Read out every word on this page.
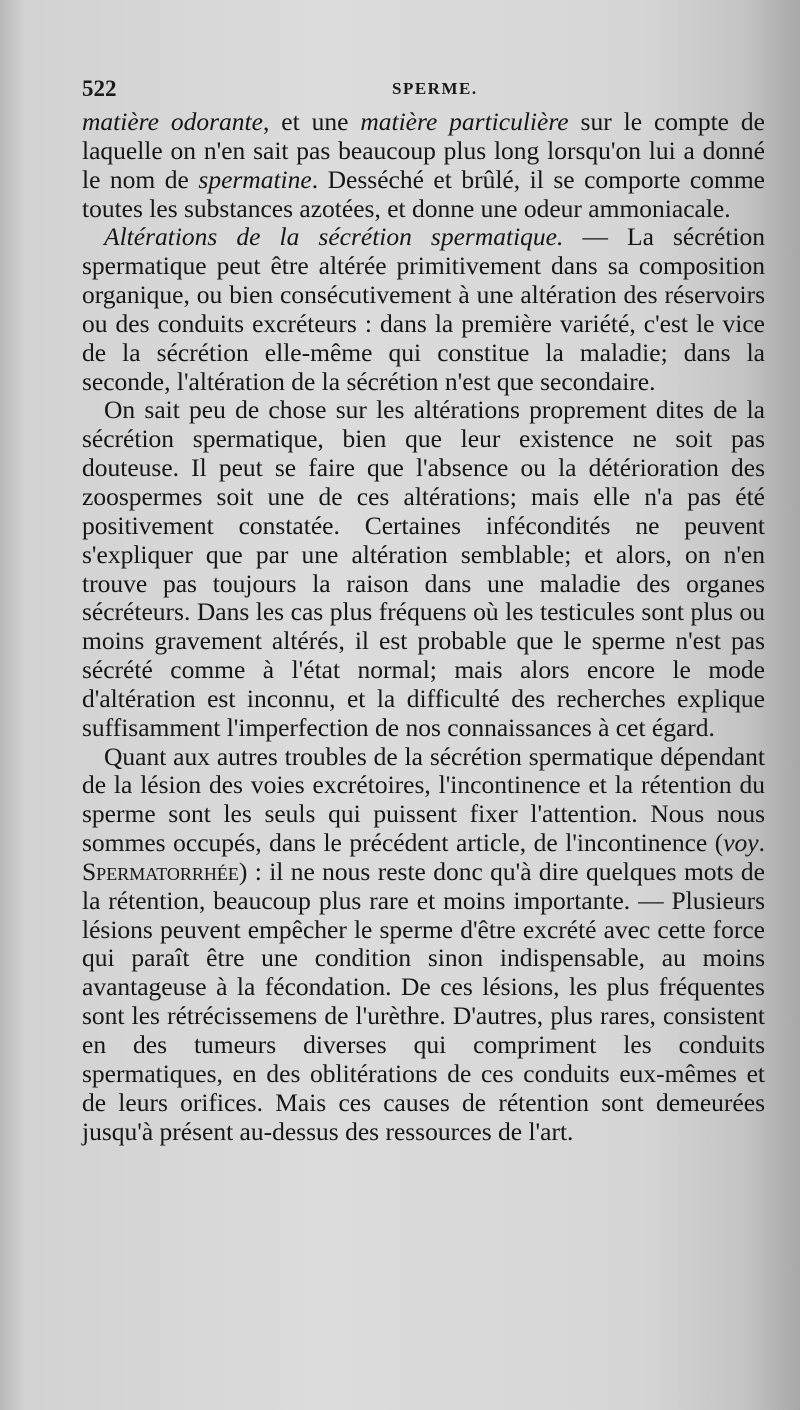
522	SPERME.

matière odorante, et une matière particulière sur le compte de laquelle on n'en sait pas beaucoup plus long lorsqu'on lui a donné le nom de spermatine. Desséché et brûlé, il se comporte comme toutes les substances azotées, et donne une odeur ammoniacale.

Altérations de la sécrétion spermatique. — La sécrétion spermatique peut être altérée primitivement dans sa composition organique, ou bien consécutivement à une altération des réservoirs ou des conduits excréteurs : dans la première variété, c'est le vice de la sécrétion elle-même qui constitue la maladie; dans la seconde, l'altération de la sécrétion n'est que secondaire.

On sait peu de chose sur les altérations proprement dites de la sécrétion spermatique, bien que leur existence ne soit pas douteuse. Il peut se faire que l'absence ou la détérioration des zoospermes soit une de ces altérations; mais elle n'a pas été positivement constatée. Certaines infécondités ne peuvent s'expliquer que par une altération semblable; et alors, on n'en trouve pas toujours la raison dans une maladie des organes sécréteurs. Dans les cas plus fréquens où les testicules sont plus ou moins gravement altérés, il est probable que le sperme n'est pas sécrété comme à l'état normal; mais alors encore le mode d'altération est inconnu, et la difficulté des recherches explique suffisamment l'imperfection de nos connaissances à cet égard.

Quant aux autres troubles de la sécrétion spermatique dépendant de la lésion des voies excrétoires, l'incontinence et la rétention du sperme sont les seuls qui puissent fixer l'attention. Nous nous sommes occupés, dans le précédent article, de l'incontinence (voy. Spermatorrhée) : il ne nous reste donc qu'à dire quelques mots de la rétention, beaucoup plus rare et moins importante. — Plusieurs lésions peuvent empêcher le sperme d'être excrété avec cette force qui paraît être une condition sinon indispensable, au moins avantageuse à la fécondation. De ces lésions, les plus fréquentes sont les rétrécissemens de l'urèthre. D'autres, plus rares, consistent en des tumeurs diverses qui compriment les conduits spermatiques, en des oblitérations de ces conduits eux-mêmes et de leurs orifices. Mais ces causes de rétention sont demeurées jusqu'à présent au-dessus des ressources de l'art.
